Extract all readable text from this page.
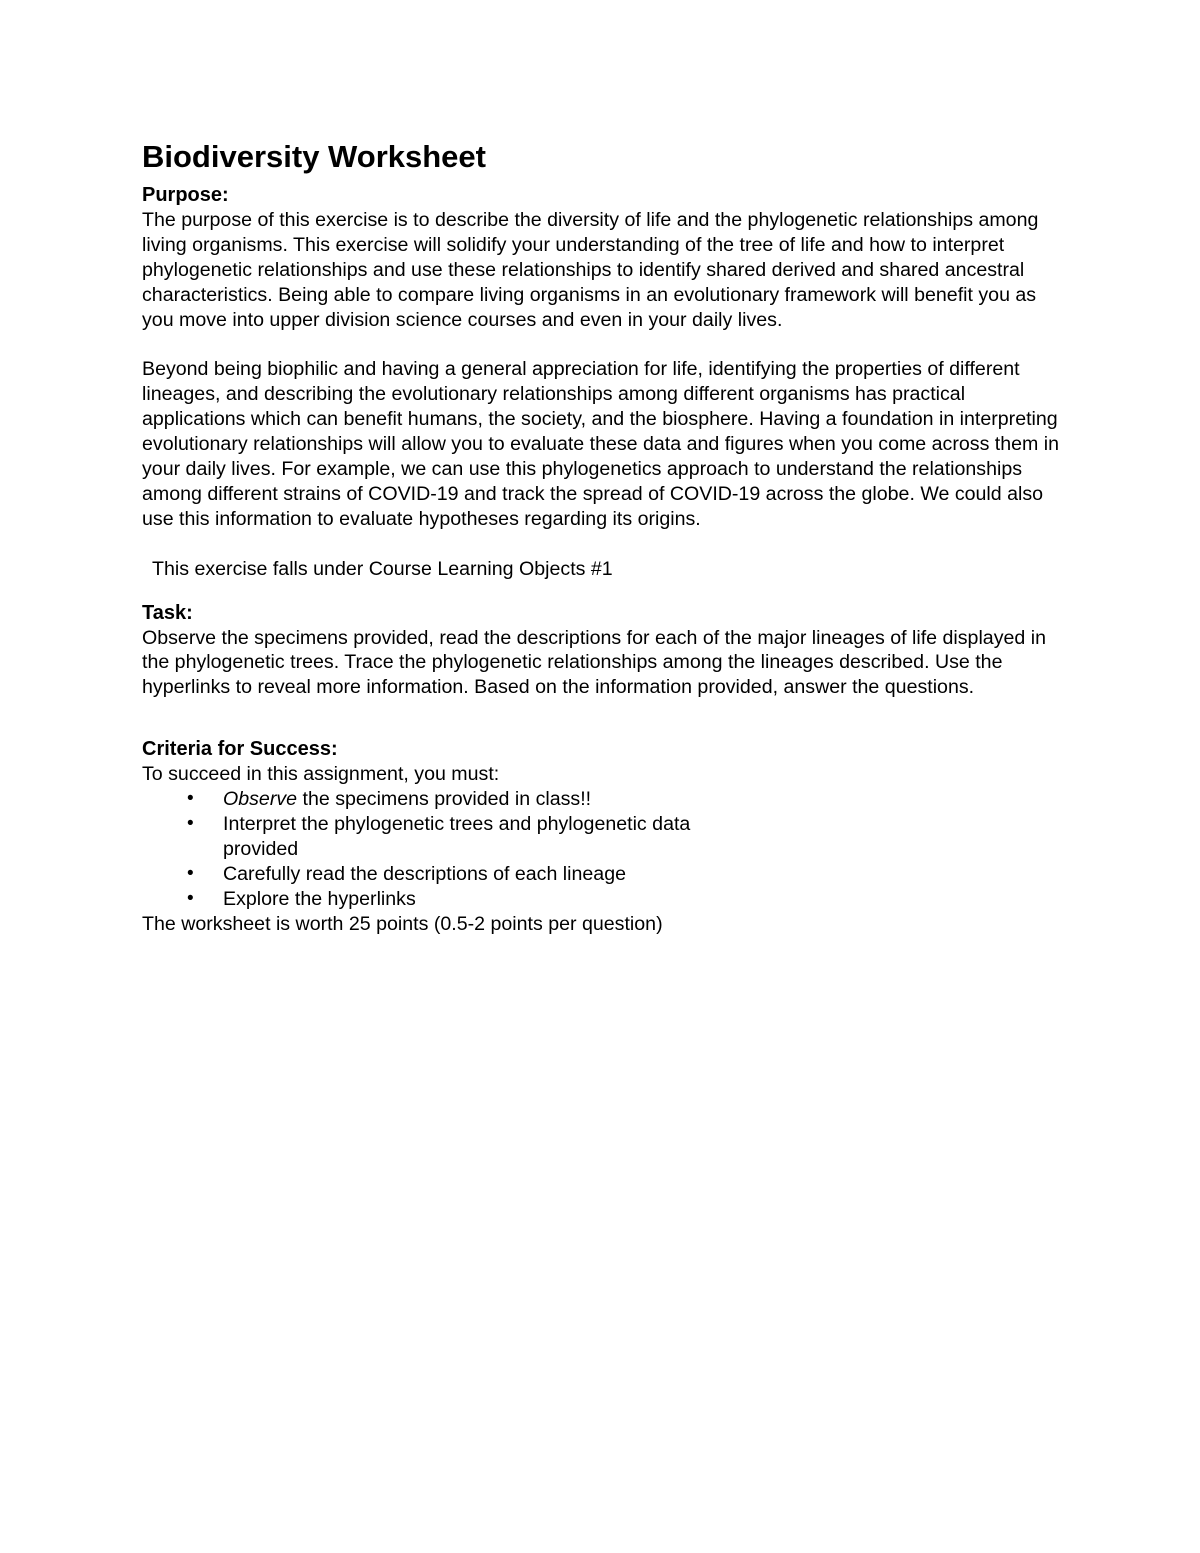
Biodiversity Worksheet
Purpose:

The purpose of this exercise is to describe the diversity of life and the phylogenetic relationships among living organisms. This exercise will solidify your understanding of the tree of life and how to interpret phylogenetic relationships and use these relationships to identify shared derived and shared ancestral characteristics. Being able to compare living organisms in an evolutionary framework will benefit you as you move into upper division science courses and even in your daily lives.

Beyond being biophilic and having a general appreciation for life, identifying the properties of different lineages, and describing the evolutionary relationships among different organisms has practical applications which can benefit humans, the society, and the biosphere. Having a foundation in interpreting evolutionary relationships will allow you to evaluate these data and figures when you come across them in your daily lives. For example, we can use this phylogenetics approach to understand the relationships among different strains of COVID-19 and track the spread of COVID-19 across the globe. We could also use this information to evaluate hypotheses regarding its origins.

This exercise falls under Course Learning Objects #1

Task:

Observe the specimens provided, read the descriptions for each of the major lineages of life displayed in the phylogenetic trees. Trace the phylogenetic relationships among the lineages described. Use the hyperlinks to reveal more information. Based on the information provided, answer the questions.

Criteria for Success:

To succeed in this assignment, you must:

• Observe the specimens provided in class!!
• Interpret the phylogenetic trees and phylogenetic data provided
• Carefully read the descriptions of each lineage
• Explore the hyperlinks

The worksheet is worth 25 points (0.5-2 points per question)
